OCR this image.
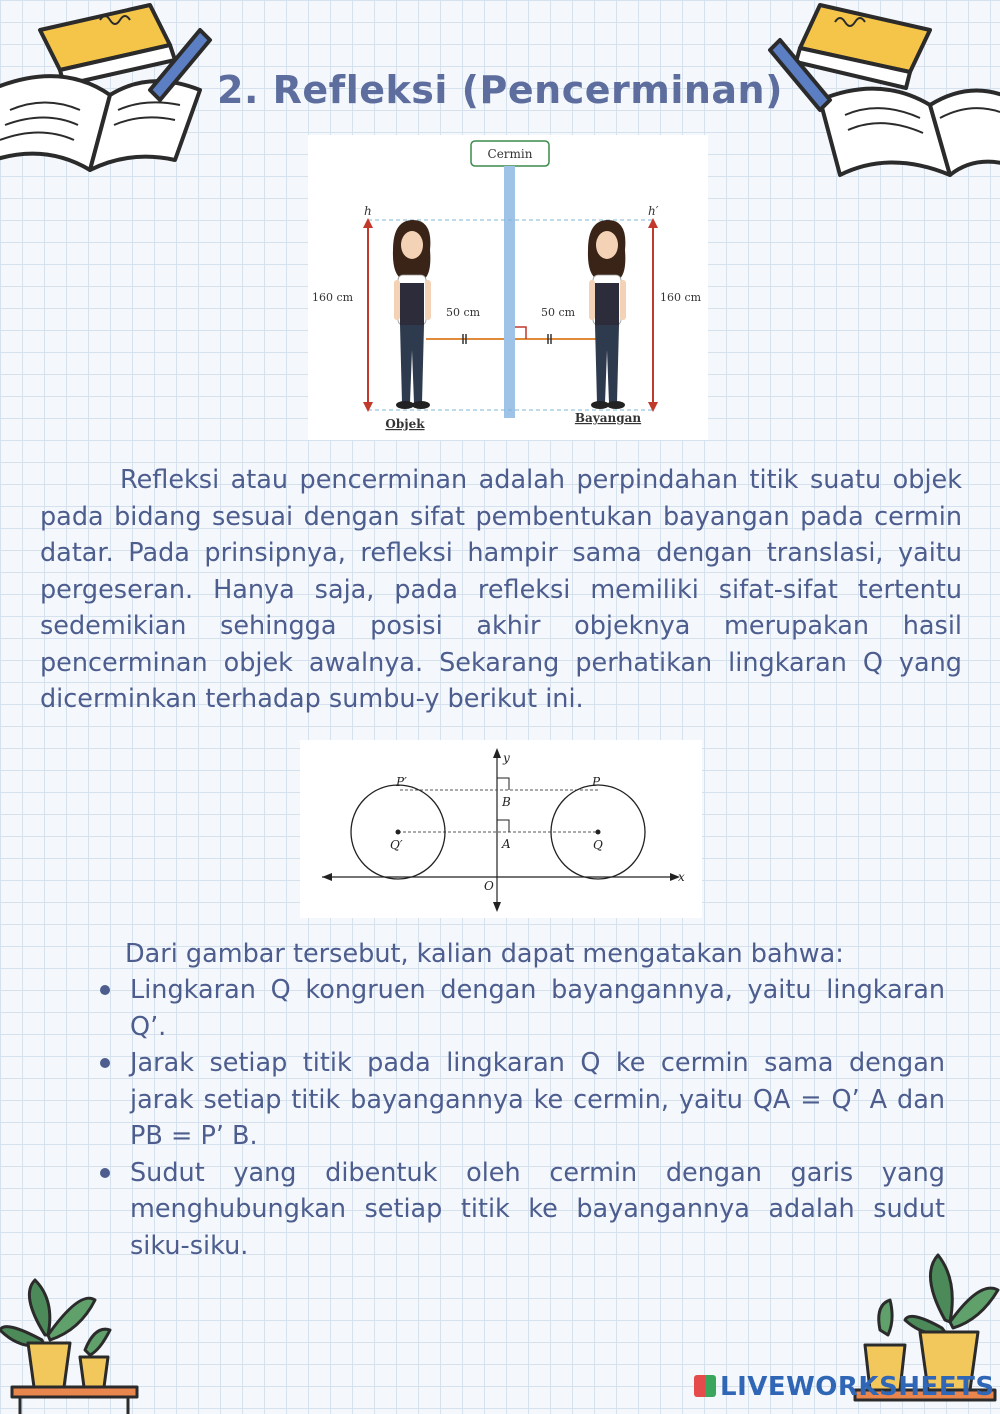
2. Refleksi (Pencerminan)
Cermin
h	h′
160 cm	160 cm
50 cm	50 cm
Objek	Bayangan
Refleksi atau pencerminan adalah perpindahan titik suatu objek pada bidang sesuai dengan sifat pembentukan bayangan pada cermin datar. Pada prinsipnya, refleksi hampir sama dengan translasi, yaitu pergeseran. Hanya saja, pada refleksi memiliki sifat-sifat tertentu sedemikian sehingga posisi akhir objeknya merupakan hasil pencerminan objek awalnya. Sekarang perhatikan lingkaran Q yang dicerminkan terhadap sumbu-y berikut ini.
y
x
O
P′	P
B
A
Q′	Q
Dari gambar tersebut, kalian dapat mengatakan bahwa:
Lingkaran Q kongruen dengan bayangannya, yaitu lingkaran Q’.
Jarak setiap titik pada lingkaran Q ke cermin sama dengan jarak setiap titik bayangannya ke cermin, yaitu QA = Q’ A dan PB = P’ B.
Sudut yang dibentuk oleh cermin dengan garis yang menghubungkan setiap titik ke bayangannya adalah sudut siku-siku.
LIVEWORKSHEETS
